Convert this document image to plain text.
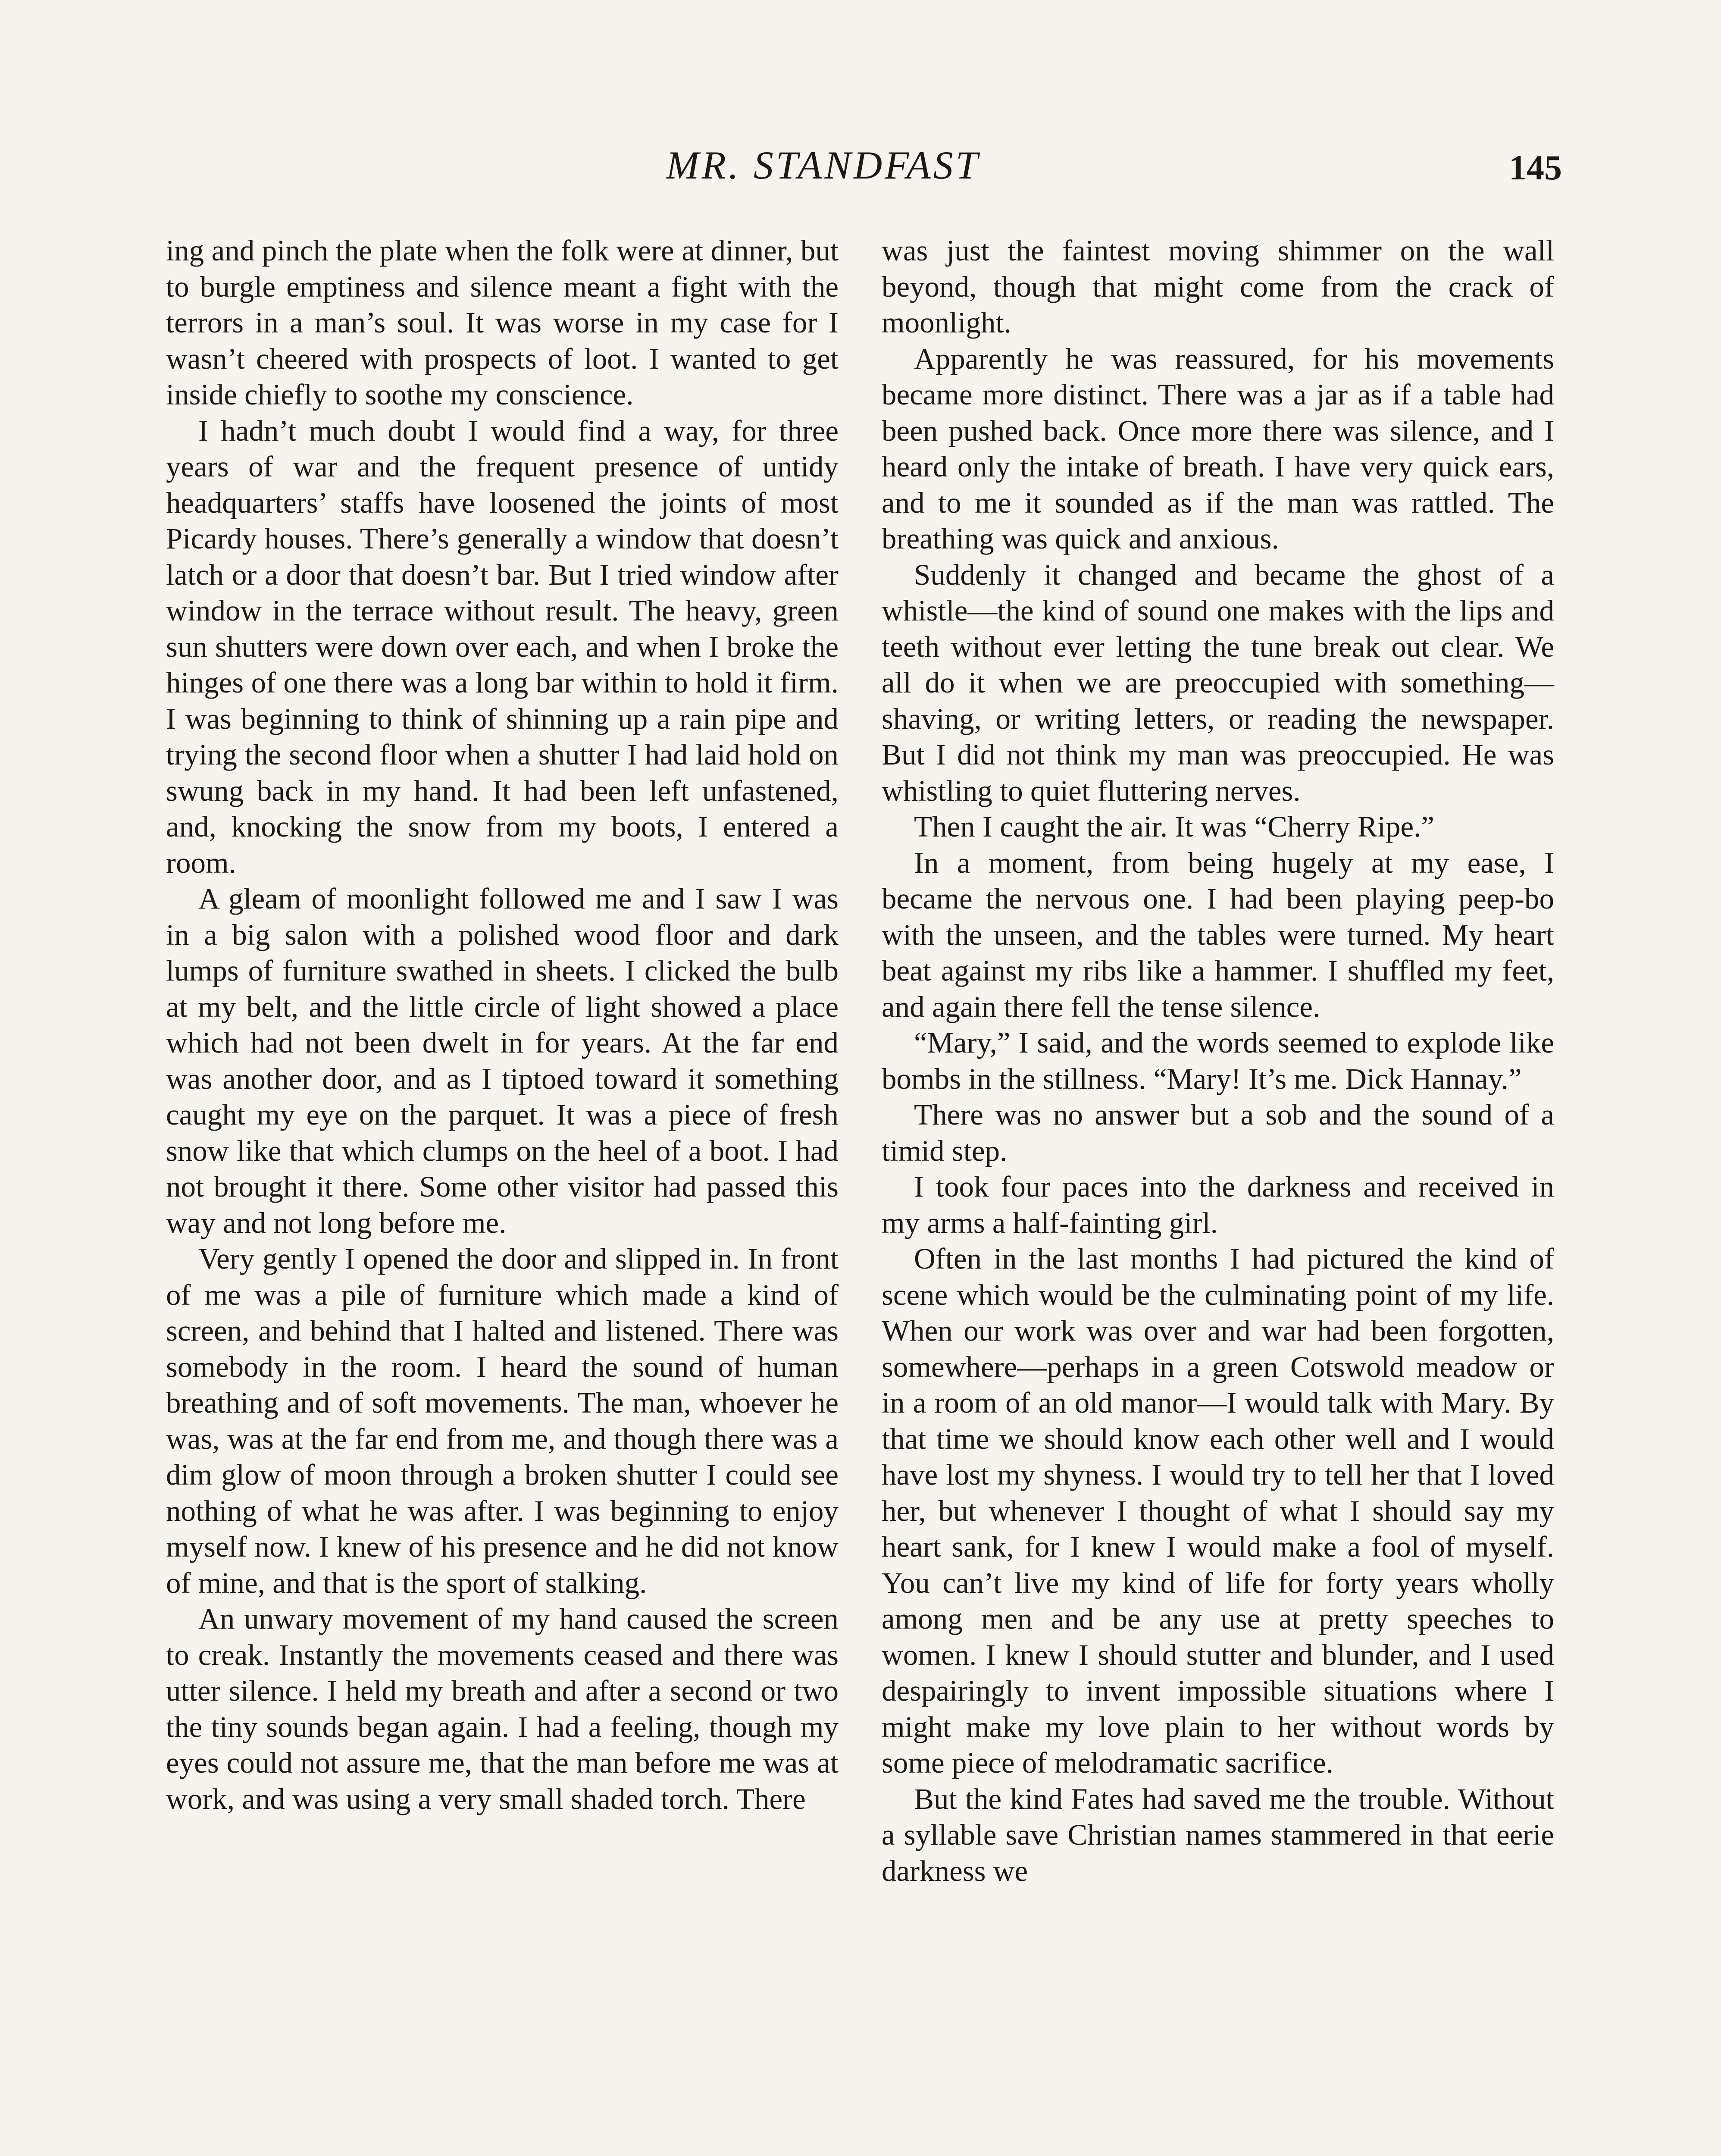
MR. STANDFAST	145

ing and pinch the plate when the folk were at dinner, but to burgle emptiness and silence meant a fight with the terrors in a man’s soul. It was worse in my case for I wasn’t cheered with prospects of loot. I wanted to get inside chiefly to soothe my conscience.

I hadn’t much doubt I would find a way, for three years of war and the frequent presence of untidy headquarters’ staffs have loosened the joints of most Picardy houses. There’s generally a window that doesn’t latch or a door that doesn’t bar. But I tried window after window in the terrace without result. The heavy, green sun shutters were down over each, and when I broke the hinges of one there was a long bar within to hold it firm. I was beginning to think of shinning up a rain pipe and trying the second floor when a shutter I had laid hold on swung back in my hand. It had been left unfastened, and, knocking the snow from my boots, I entered a room.

A gleam of moonlight followed me and I saw I was in a big salon with a polished wood floor and dark lumps of furniture swathed in sheets. I clicked the bulb at my belt, and the little circle of light showed a place which had not been dwelt in for years. At the far end was another door, and as I tiptoed toward it something caught my eye on the parquet. It was a piece of fresh snow like that which clumps on the heel of a boot. I had not brought it there. Some other visitor had passed this way and not long before me.

Very gently I opened the door and slipped in. In front of me was a pile of furniture which made a kind of screen, and behind that I halted and listened. There was somebody in the room. I heard the sound of human breathing and of soft movements. The man, whoever he was, was at the far end from me, and though there was a dim glow of moon through a broken shutter I could see nothing of what he was after. I was beginning to enjoy myself now. I knew of his presence and he did not know of mine, and that is the sport of stalking.

An unwary movement of my hand caused the screen to creak. Instantly the movements ceased and there was utter silence. I held my breath and after a second or two the tiny sounds began again. I had a feeling, though my eyes could not assure me, that the man before me was at work, and was using a very small shaded torch. There

was just the faintest moving shimmer on the wall beyond, though that might come from the crack of moonlight.

Apparently he was reassured, for his movements became more distinct. There was a jar as if a table had been pushed back. Once more there was silence, and I heard only the intake of breath. I have very quick ears, and to me it sounded as if the man was rattled. The breathing was quick and anxious.

Suddenly it changed and became the ghost of a whistle—the kind of sound one makes with the lips and teeth without ever letting the tune break out clear. We all do it when we are preoccupied with something—shaving, or writing letters, or reading the newspaper. But I did not think my man was preoccupied. He was whistling to quiet fluttering nerves.

Then I caught the air. It was “Cherry Ripe.”

In a moment, from being hugely at my ease, I became the nervous one. I had been playing peep-bo with the unseen, and the tables were turned. My heart beat against my ribs like a hammer. I shuffled my feet, and again there fell the tense silence.

“Mary,” I said, and the words seemed to explode like bombs in the stillness. “Mary! It’s me. Dick Hannay.”

There was no answer but a sob and the sound of a timid step.

I took four paces into the darkness and received in my arms a half-fainting girl.

Often in the last months I had pictured the kind of scene which would be the culminating point of my life. When our work was over and war had been forgotten, somewhere—perhaps in a green Cotswold meadow or in a room of an old manor—I would talk with Mary. By that time we should know each other well and I would have lost my shyness. I would try to tell her that I loved her, but whenever I thought of what I should say my heart sank, for I knew I would make a fool of myself. You can’t live my kind of life for forty years wholly among men and be any use at pretty speeches to women. I knew I should stutter and blunder, and I used despairingly to invent impossible situations where I might make my love plain to her without words by some piece of melodramatic sacrifice.

But the kind Fates had saved me the trouble. Without a syllable save Christian names stammered in that eerie darkness we
